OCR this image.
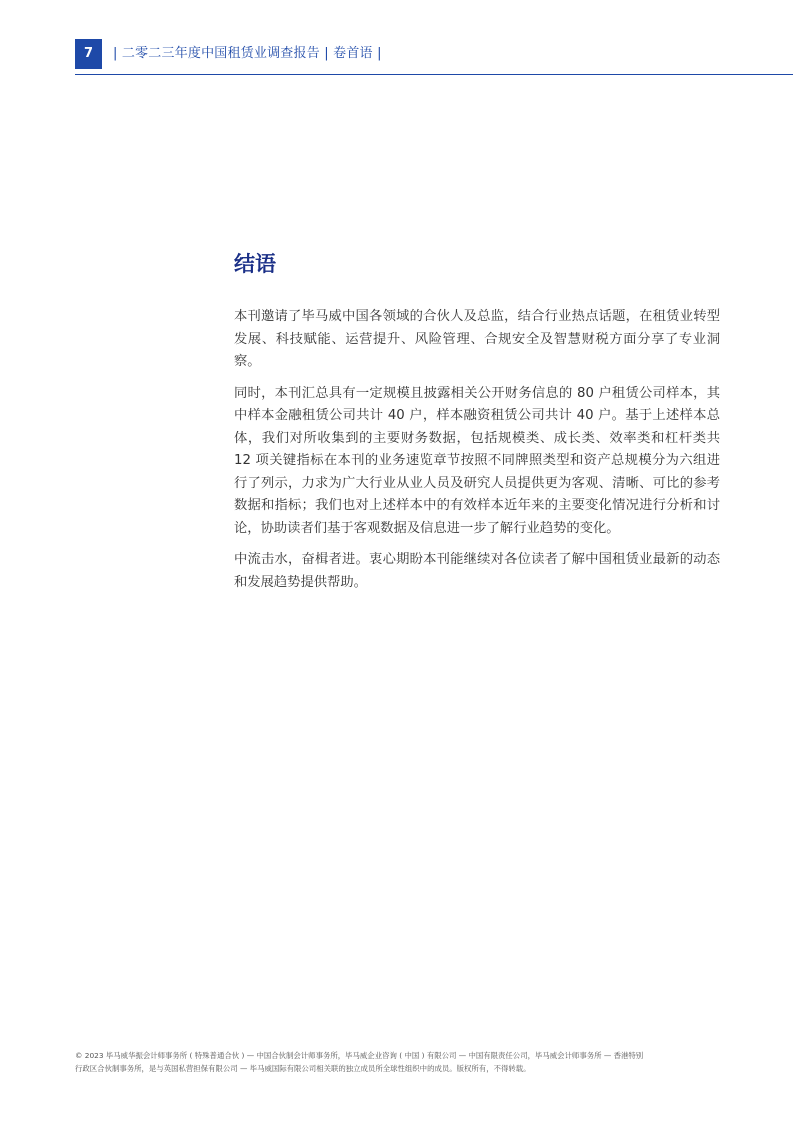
7	| 二零二三年度中国租赁业调查报告 | 卷首语 |
结语

本刊邀请了毕马威中国各领域的合伙人及总监，结合行业热点话题，在租赁业转型发展、科技赋能、运营提升、风险管理、合规安全及智慧财税方面分享了专业洞察。

同时，本刊汇总具有一定规模且披露相关公开财务信息的 80 户租赁公司样本，其中样本金融租赁公司共计 40 户，样本融资租赁公司共计 40 户。基于上述样本总体，我们对所收集到的主要财务数据，包括规模类、成长类、效率类和杠杆类共 12 项关键指标在本刊的业务速览章节按照不同牌照类型和资产总规模分为六组进行了列示，力求为广大行业从业人员及研究人员提供更为客观、清晰、可比的参考数据和指标；我们也对上述样本中的有效样本近年来的主要变化情况进行分析和讨论，协助读者们基于客观数据及信息进一步了解行业趋势的变化。

中流击水，奋楫者进。衷心期盼本刊能继续对各位读者了解中国租赁业最新的动态和发展趋势提供帮助。

© 2023 毕马威华振会计师事务所 ( 特殊普通合伙 ) — 中国合伙制会计师事务所，毕马威企业咨询 ( 中国 ) 有限公司 — 中国有限责任公司，毕马威会计师事务所 — 香港特别
行政区合伙制事务所，是与英国私营担保有限公司 — 毕马威国际有限公司相关联的独立成员所全球性组织中的成员。版权所有，不得转载。
